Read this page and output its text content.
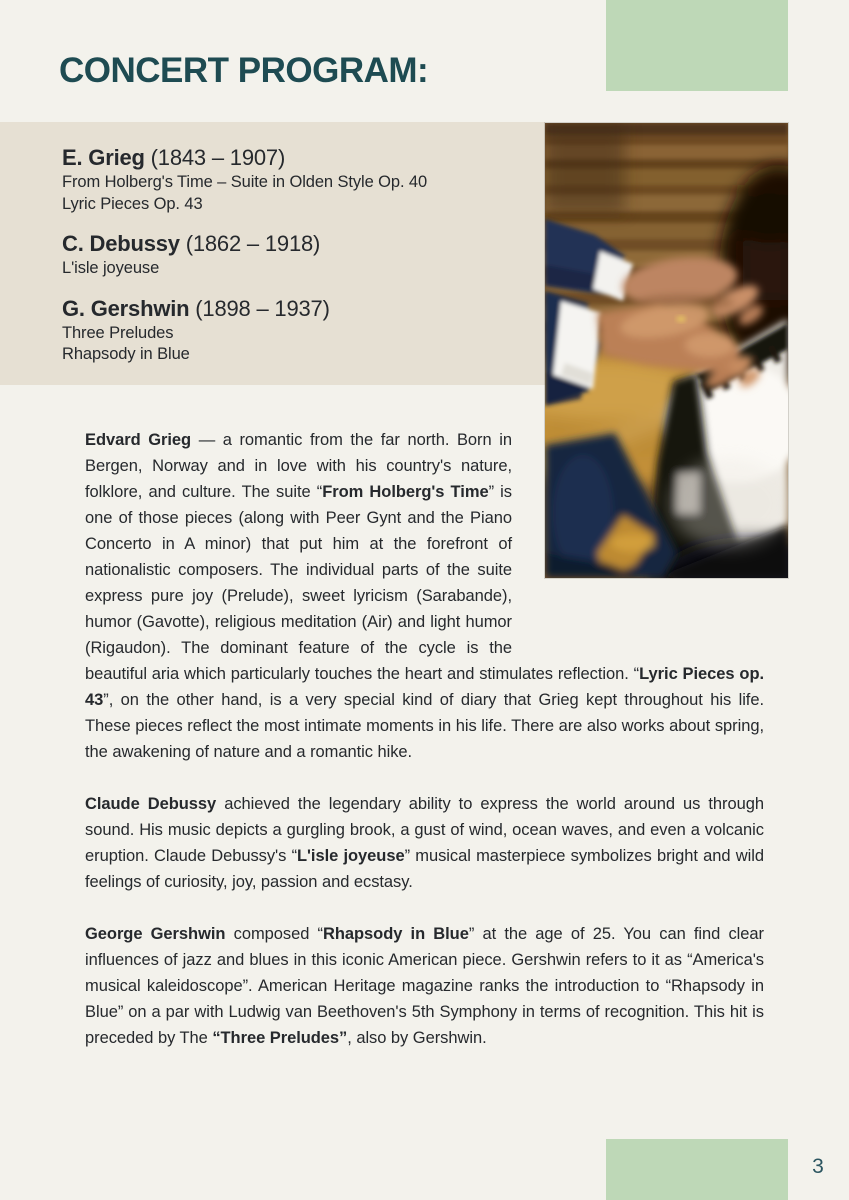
CONCERT PROGRAM:
E. Grieg (1843 – 1907)
From Holberg's Time – Suite in Olden Style Op. 40
Lyric Pieces Op. 43
C. Debussy (1862 – 1918)
L'isle joyeuse
G. Gershwin (1898 – 1937)
Three Preludes
Rhapsody in Blue

Edvard Grieg — a romantic from the far north. Born in Bergen, Norway and in love with his country's nature, folklore, and culture. The suite “From Holberg's Time” is one of those pieces (along with Peer Gynt and the Piano Concerto in A minor) that put him at the forefront of nationalistic composers. The individual parts of the suite express pure joy (Prelude), sweet lyricism (Sarabande), humor (Gavotte), religious meditation (Air) and light humor (Rigaudon). The dominant feature of the cycle is the beautiful aria which particularly touches the heart and stimulates reflection. “Lyric Pieces op. 43”, on the other hand, is a very special kind of diary that Grieg kept throughout his life. These pieces reflect the most intimate moments in his life. There are also works about spring, the awakening of nature and a romantic hike.

Claude Debussy achieved the legendary ability to express the world around us through sound. His music depicts a gurgling brook, a gust of wind, ocean waves, and even a volcanic eruption. Claude Debussy's “L'isle joyeuse” musical masterpiece symbolizes bright and wild feelings of curiosity, joy, passion and ecstasy.

George Gershwin composed “Rhapsody in Blue” at the age of 25. You can find clear influences of jazz and blues in this iconic American piece. Gershwin refers to it as “America's musical kaleidoscope”. American Heritage magazine ranks the introduction to “Rhapsody in Blue” on a par with Ludwig van Beethoven's 5th Symphony in terms of recognition. This hit is preceded by The “Three Preludes”, also by Gershwin.

3
